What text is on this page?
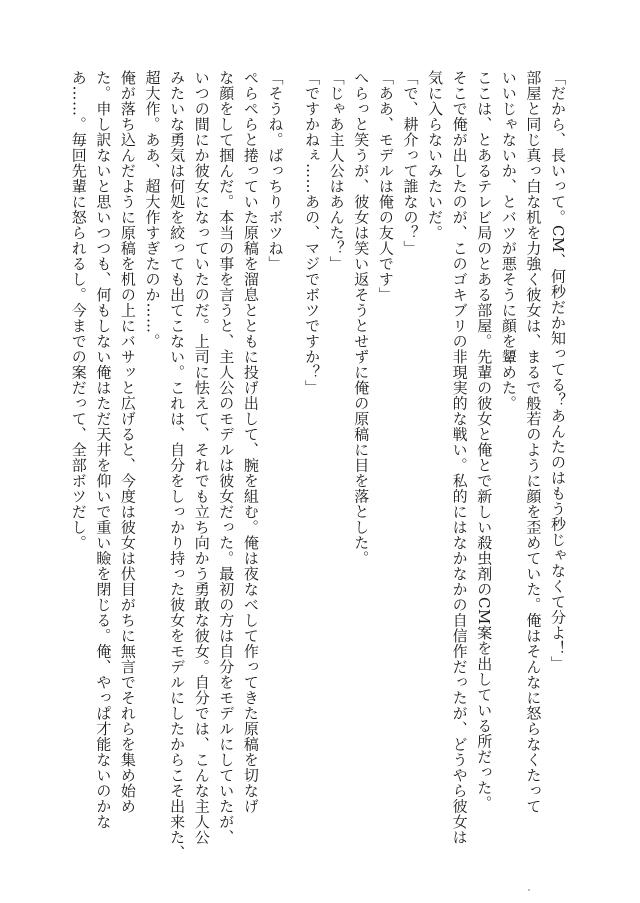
「だから、長いって。CM、何秒だか知ってる？あんたのはもう秒じゃなくて分よ！」
部屋と同じ真っ白な机を力強く彼女は、まるで般若のように顔を歪めていた。俺はそんなに怒らなくたって
いいじゃないか、とバツが悪そうに顔を顰めた。
ここは、とあるテレビ局のとある部屋。先輩の彼女と俺とで新しい殺虫剤のCM案を出している所だった。
そこで俺が出したのが、このゴキブリの非現実的な戦い。私的にはなかなかの自信作だったが、どうやら彼女は
気に入らないみたいだ。
「で、耕介って誰なの？」
「ああ、モデルは俺の友人です」
へらっと笑うが、彼女は笑い返そうとせずに俺の原稿に目を落とした。
「じゃあ主人公はあんた？」
「ですかねぇ……あの、マジでボツですか？」
「そうね。ばっちりボツね」
ぺらぺらと捲っていた原稿を溜息とともに投げ出して、腕を組む。俺は夜なべして作ってきた原稿を切なげ
な顔をして掴んだ。本当の事を言うと、主人公のモデルは彼女だった。最初の方は自分をモデルにしていたが、
いつの間にか彼女になっていたのだ。上司に怯えて、それでも立ち向かう勇敢な彼女。自分では、こんな主人公
みたいな勇気は何処を絞っても出てこない。これは、自分をしっかり持った彼女をモデルにしたからこそ出来た、
超大作。ああ、超大作すぎたのか……。
俺が落ち込んだように原稿を机の上にバサッと広げると、今度は彼女は伏目がちに無言でそれらを集め始め
た。申し訳ないと思いつつも、何もしない俺はただ天井を仰いで重い瞼を閉じる。俺、やっぱ才能ないのかな
あ……。毎回先輩に怒られるし。今までの案だって、全部ボツだし。
